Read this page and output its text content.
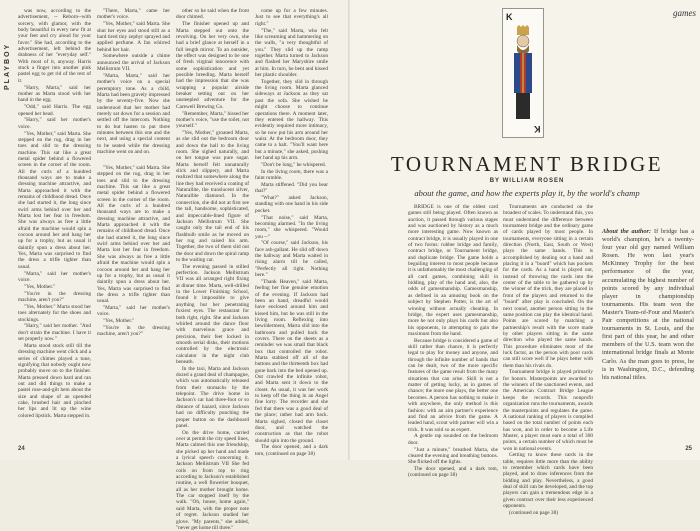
PLAYBOY

was now, according to the advertisement, -- Reborn--with sorcery, with glamor, with the body beautiful in every new fit at your feet and cry aloud for your favor." She had, according to the advertisement, left behind the drabness of her "everyday self." With most of it, anyway. Harris stuck a finger into another pink pastel egg to get rid of the rest of it.

"Harry, Marta," said her mother as Marta stood with her hand in the egg.

"Odd," said Harris. The egg opened her head.

"Harry," said her mother's voice.

"Yes, Mother," said Marta. She stepped on the rug, drag in her toes and slid to the dressing machine. This sat like a great metal spider behind a flowered screen in the corner of the room. All the curls of a hundred thousand ways are to make a dressing machine attractive, and Marta approached it with the remains of childhood dread. Once she had started it, the long since swirl arms behind over her and Marta lost her fear in freedom. She was always as free a little afraid the machine would spin a cocoon around her and hang her up for a trophy, but as usual it daintily spun a dress about her. Yes, Marta was surprised to find the dress a trifle tighter than usual.

"Marta," said her mother's voice.

"Yes, Mother."

"You're in the dressing machine, aren't you?"

"Yes, Mother." Marta stood her toes alternately for the shoes and stockings.

"Harry," said her mother. "And don't strain the machine. I have it set properly now."

Marta stood stock still till the dressing machine went click and a series of chimes played a tune, signifying that nobody ought now probably move on to the finisher. Marta pressed down hard and ran out and did things to make a pastel rose-and-gilt hem about the size and shape of an upended cake, brushed hair and pinched her lips and lit up the wine colored lipstick. Marta stepped in.

"There, Marta," came her mother's voice.

"Yes, Mother," said Marta. She shut her eyes and stood still as a hard tired tiny zephyr sprayed and applied perfume. A fan whirred behind her hair.

Somewhere outside a chime announced the arrival of Jackson Mellistrum VII.

"Marta, Marta," said her mother's voice on a special peremptory tone. As a child, Marta had been gravely impressed by the seventy-five. Now she understood that her mother had merely sat down for a session and settled off the intercom. Nothing to do but hasten to put three minutes between this one and the next, and using a special content to be seated while the dressing machine went on and on.

other so he said when the front door chimed.

The finisher opened up and Marta stepped out onto the revolving. On her very own, she had a brief glance at herself in a full length mirror. To an outsider, the effect was designed to be one of fresh virginal innocence with some sophistication and yet possible breeding. Marta herself had the impression that she was wrapping a popular airside breaker setting out on her unsteepled adventure for the Carewell Brewing Co.

"Remember, Marta," hissed her mother's voice, "use the toilet, not yourself."

"Yes, Mother," groaned Marta, as she slid out the bedroom door and down the hall to the living room. She sighed naturally, and on her tongue was pure sugar. Marta herself felt unnaturally slick and slippery, and Marta realized that somewhere along the line they had received a coating of Naturallite, the translucent silver, Naturallite diamond. In the connection, she did not at first see the tall, handsome, sophisticated, and impeccable-lined figure of Jackson Mellistrum VII. She caught only the tail end of his flashbulb smile as he moved on her rug and raised his arm. Together, the two of them slid out the door and down the spiral ramp to the waiting car.

The evening passed in stilled perfection. Jackson Mellistrum VII was all arranged right fixing at dinner time. Marta, well-drilled in the Lower Finishing School, found it impossible to give anything but her penetrating foxiest eyes. The restaurant for both right, right. She and Jackson whirled around the dance floor with marvelous grace and precision, their feet locked in smooth serial disks, their motions controlled by the electronic calculator in the night club beneath.

In the taxi, Marta and Jackson dozed a grand deal of champagne, which was automatically released from their stomachs by the telepoint. The drive home in Jackson's car had three-foot or so distance of hazard, since Jackson had no difficulty punching the proper button on the dashboard panel.

On the drive home, carried over at permit the city speed lines, Marta calmed this one friendship, she picked up her hand and made a lyrical speech concerning it. Jackson Mellistrum VII She fed coils on from top to ring according to Jackson's established routine, a well flowerier bouquet, all as her mother brought home. The car stopped itself by the walk. "Oh, house, home again," said Marta, with the proper note of regret. Jackson studied her glove. "My parents," she added, "never get home till three."

come up for a few minutes. Just to see that everything's all right."

"The," said Marta, who felt like screaming and hammering on the walls, "a very thoughtful of you." They slid up the ramp together. Marta turned to Jackson and flashed her Maryshire smile at him. In turn, he bent and kissed her plastic shoulder.

Together, they slid in through the living room. Marta glanced sideways at Jackson as they sat past the sofa. She wished he might choose to continue operations there. A moment later, they entered the hallway. This evidently required more intimacy, so he now put his arm around her waist. At the bedroom door, they came to a halt. "You'll want here but a minute," she asked, pushing her hand up his arm.

"Don't be long," he whispered.

In the living room, there was a faint rumble.

Marta stiffened. "Did you hear that?"

"What?" asked Jackson, standing with one hand in his side pocket.

"That noise," said Marta, becoming alarmed. "In the living room," she whispered. "Would you --"

"Of course," said Jackson, his face ash-gallant. He slid off down the hallway and Marta waited in rising alarm till he called, "Perfectly all right. Nothing here."

"Thank Heaven," said Marta, feeling her fine genuine emotion of the evening. If Jackson had been an hand, dreadful would have enclosed around him and kissed him, but he was still in the living room. Reflexing into bewilderment, Marta slid into the bathroom and pulled back the covers. There on the sheets as a reminder we was small that black box that controlled the robot. Marta stabbed off all of the buttons and the thirteenth box had gone back into the bed opened up. Out crawled the infinite robot, and Marta sent it down to the closet. As usual, it was her work to keep off the thing in an Angel fine lorry. The recorder and she fed that there was a good deal of the place; rather had arm back. Marta sighed, closed the closet door, and watched the construction as that the robot should spin into the ground.

The door opened, and a dark tom, (continued on page 38)

"Yes, Mother," said Marta. She stepped on the rug, drag in her toes and slid to the dressing machine. This sat like a great metal spider behind a flowered screen in the corner of the room. All the curls of a hundred thousand ways are to make a dressing machine attractive, and Marta approached it with the remains of childhood dread. Once she had started it, the long since swirl arms behind over her and Marta lost her fear in freedom. She was always as free a little afraid the machine would spin a cocoon around her and hang her up for a trophy, but as usual it daintily spun a dress about her. Yes, Marta was surprised to find the dress a trifle tighter than usual.

"Marta," said her mother's voice.

"Yes, Mother."

"You're in the dressing machine, aren't you?"

24
games
K
K
TOURNAMENT BRIDGE
BY WILLIAM ROSEN
about the game, and how the experts play it, by the world's champ

BRIDGE is one of the oldest card games still being played. Often known as auction, it passed through various stages and was auctioned by history as a much more interesting game. Now known as contract bridge, it is usually played in one of two forms: rubber bridge and family, contract bridge, or Tournament bridge, and duplicate bridge. The game holds a beguiling interest to most people because it is unfathomably the most challenging of all card games, combining skill in bidding, play of the hand and, also, the odds of gamesmanship. Gamesmanship, as defined in an amusing book on the subject by Stephen Potter, is the art of winning without actually cheating. In bridge, the expert uses gamesmanship, more he not only plays his cards but also his opponents, in attempting to gain the maximum from the hand.

Because bridge is considered a game of skill rather than chance, it is perfectly legal to play for money and anyone, and through the infinite number of hands that can be dealt, two of the more specific features of the game result from the many situations that can arise. Skill is not a matter of getting lucky, as in games of chance; the more one plays, the better one becomes. A person has nothing to make it with anywhere, the only method is this fashion: with an aim partner's experience and find an advice from the game. A leaded hand, scout with partner will win a trick. It was sold so as expert.

A gentle rap sounded on the bedroom door.

"Just a minute," breathed Marta, she cleared the evening and breathing buttons. She flicked off the lights.

The door opened, and a dark tom, (continued on page 38)

Tournaments are conducted on the broadest of scales. To understand this, you must understand the difference between tournament bridge and the ordinary game of cards played by most people. In tournaments, everyone sitting in a certain direction (North, East, South or West) plays the same hands. This is accomplished by dealing out a hand and placing it in a "board" which has pockets for the cards. As a hand is played out, instead of throwing the cards into the center of the table to be gathered up by the winner of the trick, they are placed in front of the players and returned to the "board" after play is concluded. On the next round, another person sitting in the same position can play the identical hand. Points are scored by matching a partnership's result with the score made by other players sitting in the same direction who played the same hands. This procedure eliminates most of the luck factor, as the person with poor cards can still score well if he plays better with them than his rivals do.

Tournament bridge is played primarily for honors. Masterpoints are awarded to the winners of the sanctioned events, and the American Contract Bridge League keeps the records. This nonprofit organization runs the tournaments, awards the masterpoints and regulates the game. A national ranking of players is compiled based on the total number of points each has won, and in order to become a Life Master, a player must earn a total of 300 points, a certain number of which must be won in national events.

Getting to know these cards in the table, requires little more than the ability to remember which cards have been played, and to draw inferences from the bidding and play. Nevertheless, a good deal of skill can be developed, and the top players can gain a tremendous edge in a given contract over their less experienced opponents.

(continued on page 38)

About the author: If bridge has a world's champion, he's a twenty-four year old guy named William Rosen. He won last year's McKinney Trophy for the best performance of the year, accumulating the highest number of points scored by any individual player in championship tournaments. His team won the Master's Team-of-Four and Master's Pair competitions at the national tournaments in St. Louis, and the first part of this year, he and other members of the U.S. team won the international bridge finals at Monte Carlo. As the man goes to press, he is in Washington, D.C., defending his national titles.
25
